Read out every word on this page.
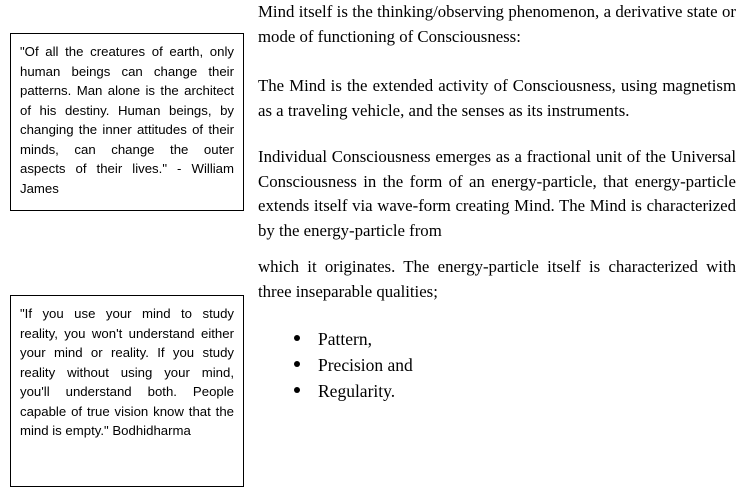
"Of all the creatures of earth, only human beings can change their patterns. Man alone is the architect of his destiny. Human beings, by changing the inner attitudes of their minds, can change the outer aspects of their lives." - William James

"If you use your mind to study reality, you won't understand either your mind or reality. If you study reality without using your mind, you'll understand both. People capable of true vision know that the mind is empty." Bodhidharma

Mind itself is the thinking/observing phenomenon, a derivative state or mode of functioning of Consciousness:

The Mind is the extended activity of Consciousness, using magnetism as a traveling vehicle, and the senses as its instruments.

Individual Consciousness emerges as a fractional unit of the Universal Consciousness in the form of an energy-particle, that energy-particle extends itself via wave-form creating Mind. The Mind is characterized by the energy-particle from

which it originates. The energy-particle itself is characterized with three inseparable qualities;

Pattern,
Precision and
Regularity.
